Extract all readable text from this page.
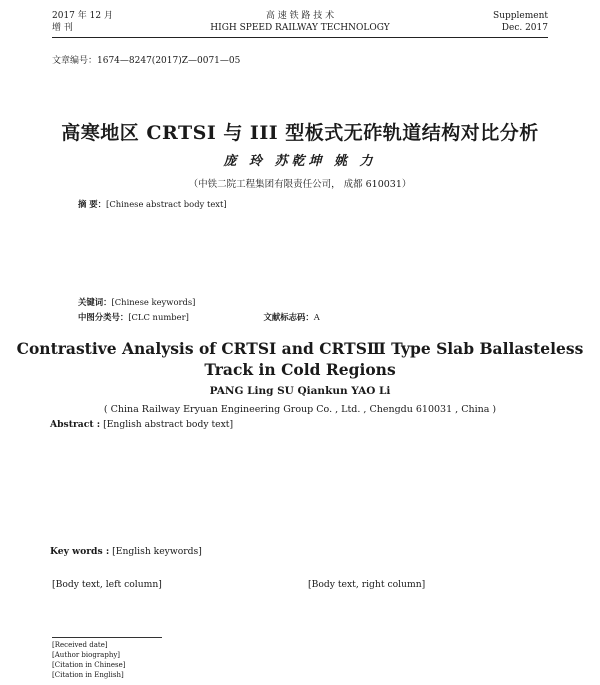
2017 年 12 月
增 刊
高 速 铁 路 技 术
HIGH SPEED RAILWAY TECHNOLOGY
Supplement
Dec. 2017
文章编号：1674—8247(2017)Z—0071—05
高寒地区 CRTSI 与 III 型板式无砟轨道结构对比分析
庞 玲 苏乾坤 姚 力
（中铁二院工程集团有限责任公司， 成都 610031）
摘 要：[Chinese abstract body text]
关键词：[Chinese keywords]
中图分类号：[CLC number]	文献标志码：A
Contrastive Analysis of CRTSⅠ and CRTSⅢ Type Slab Ballasteless Track in Cold Regions
PANG Ling SU Qiankun YAO Li
( China Railway Eryuan Engineering Group Co. , Ltd. , Chengdu 610031 , China )
Abstract : [English abstract body text]
Key words : [English keywords]
[Body text, left column]	[Body text, right column]
[Received date]
[Author biography]
[Citation in Chinese]
[Citation in English]
